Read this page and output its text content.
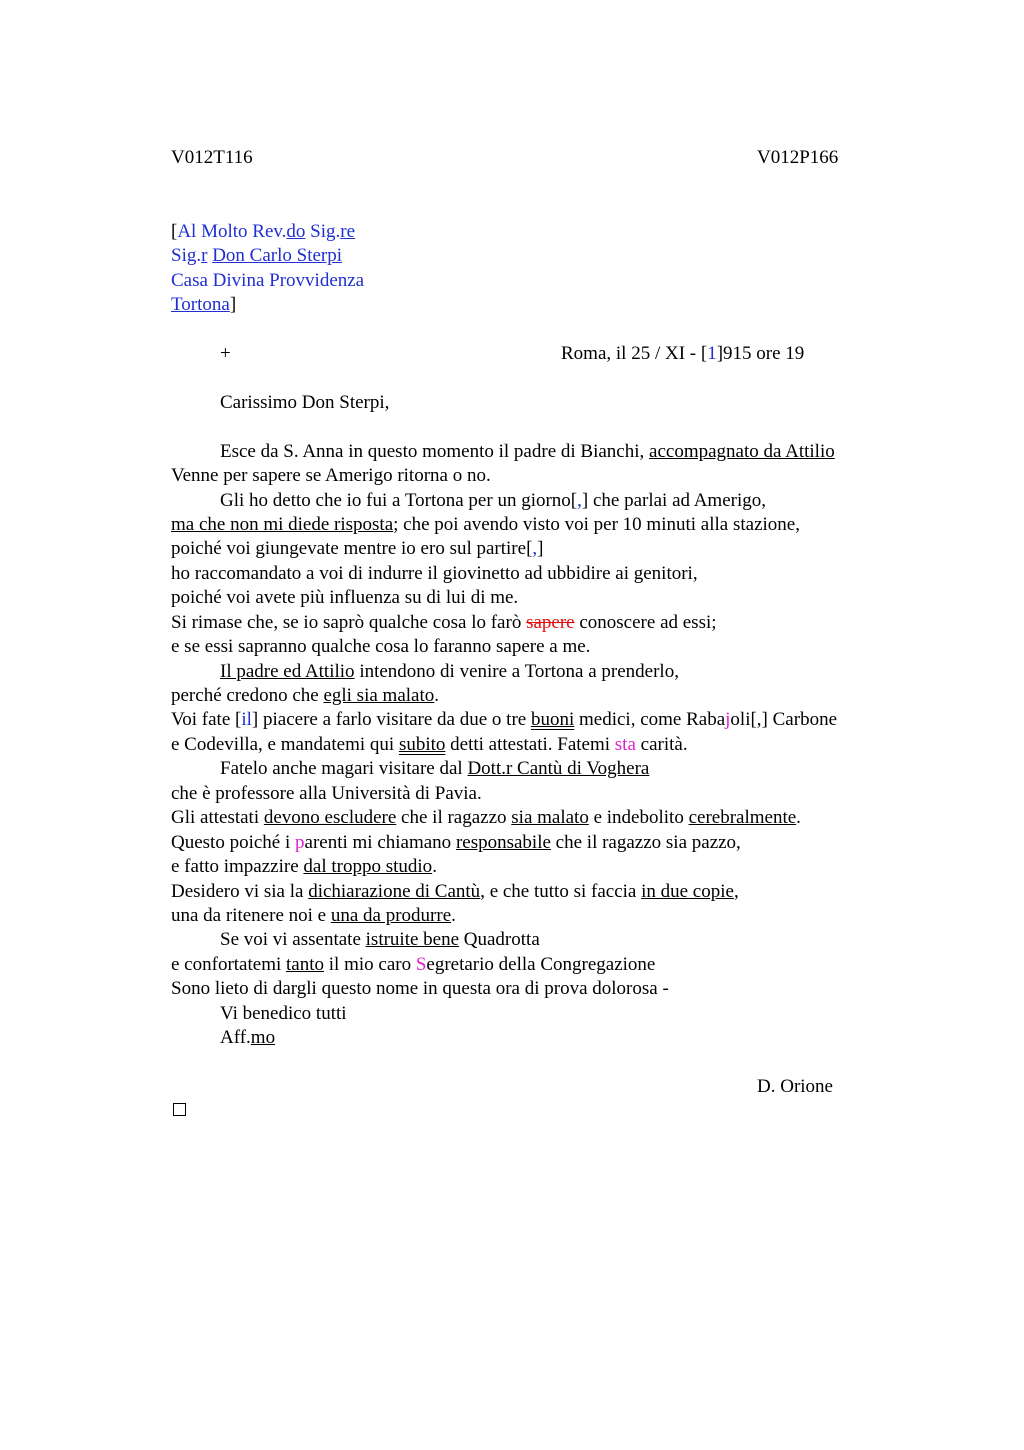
V012T116	V012P166
[Al Molto Rev.do Sig.re
Sig.r Don Carlo Sterpi
Casa Divina Provvidenza
Tortona]
+	Roma, il 25 / XI - [1]915 ore 19
Carissimo Don Sterpi,
Esce da S. Anna in questo momento il padre di Bianchi, accompagnato da Attilio
Venne per sapere se Amerigo ritorna o no.
Gli ho detto che io fui a Tortona per un giorno[,] che parlai ad Amerigo,
ma che non mi diede risposta; che poi avendo visto voi per 10 minuti alla stazione,
poiché voi giungevate mentre io ero sul partire[,]
ho raccomandato a voi di indurre il giovinetto ad ubbidire ai genitori,
poiché voi avete più influenza su di lui di me.
Si rimase che, se io saprò qualche cosa lo farò sapere conoscere ad essi;
e se essi sapranno qualche cosa lo faranno sapere a me.
Il padre ed Attilio intendono di venire a Tortona a prenderlo,
perché credono che egli sia malato.
Voi fate [il] piacere a farlo visitare da due o tre buoni medici, come Rabajoli[,] Carbone
e Codevilla, e mandatemi qui subito detti attestati. Fatemi sta carità.
Fatelo anche magari visitare dal Dott.r Cantù di Voghera
che è professore alla Università di Pavia.
Gli attestati devono escludere che il ragazzo sia malato e indebolito cerebralmente.
Questo poiché i parenti mi chiamano responsabile che il ragazzo sia pazzo,
e fatto impazzire dal troppo studio.
Desidero vi sia la dichiarazione di Cantù, e che tutto si faccia in due copie,
una da ritenere noi e una da produrre.
Se voi vi assentate istruite bene Quadrotta
e confortatemi tanto il mio caro Segretario della Congregazione
Sono lieto di dargli questo nome in questa ora di prova dolorosa -
Vi benedico tutti
Aff.mo
D. Orione
